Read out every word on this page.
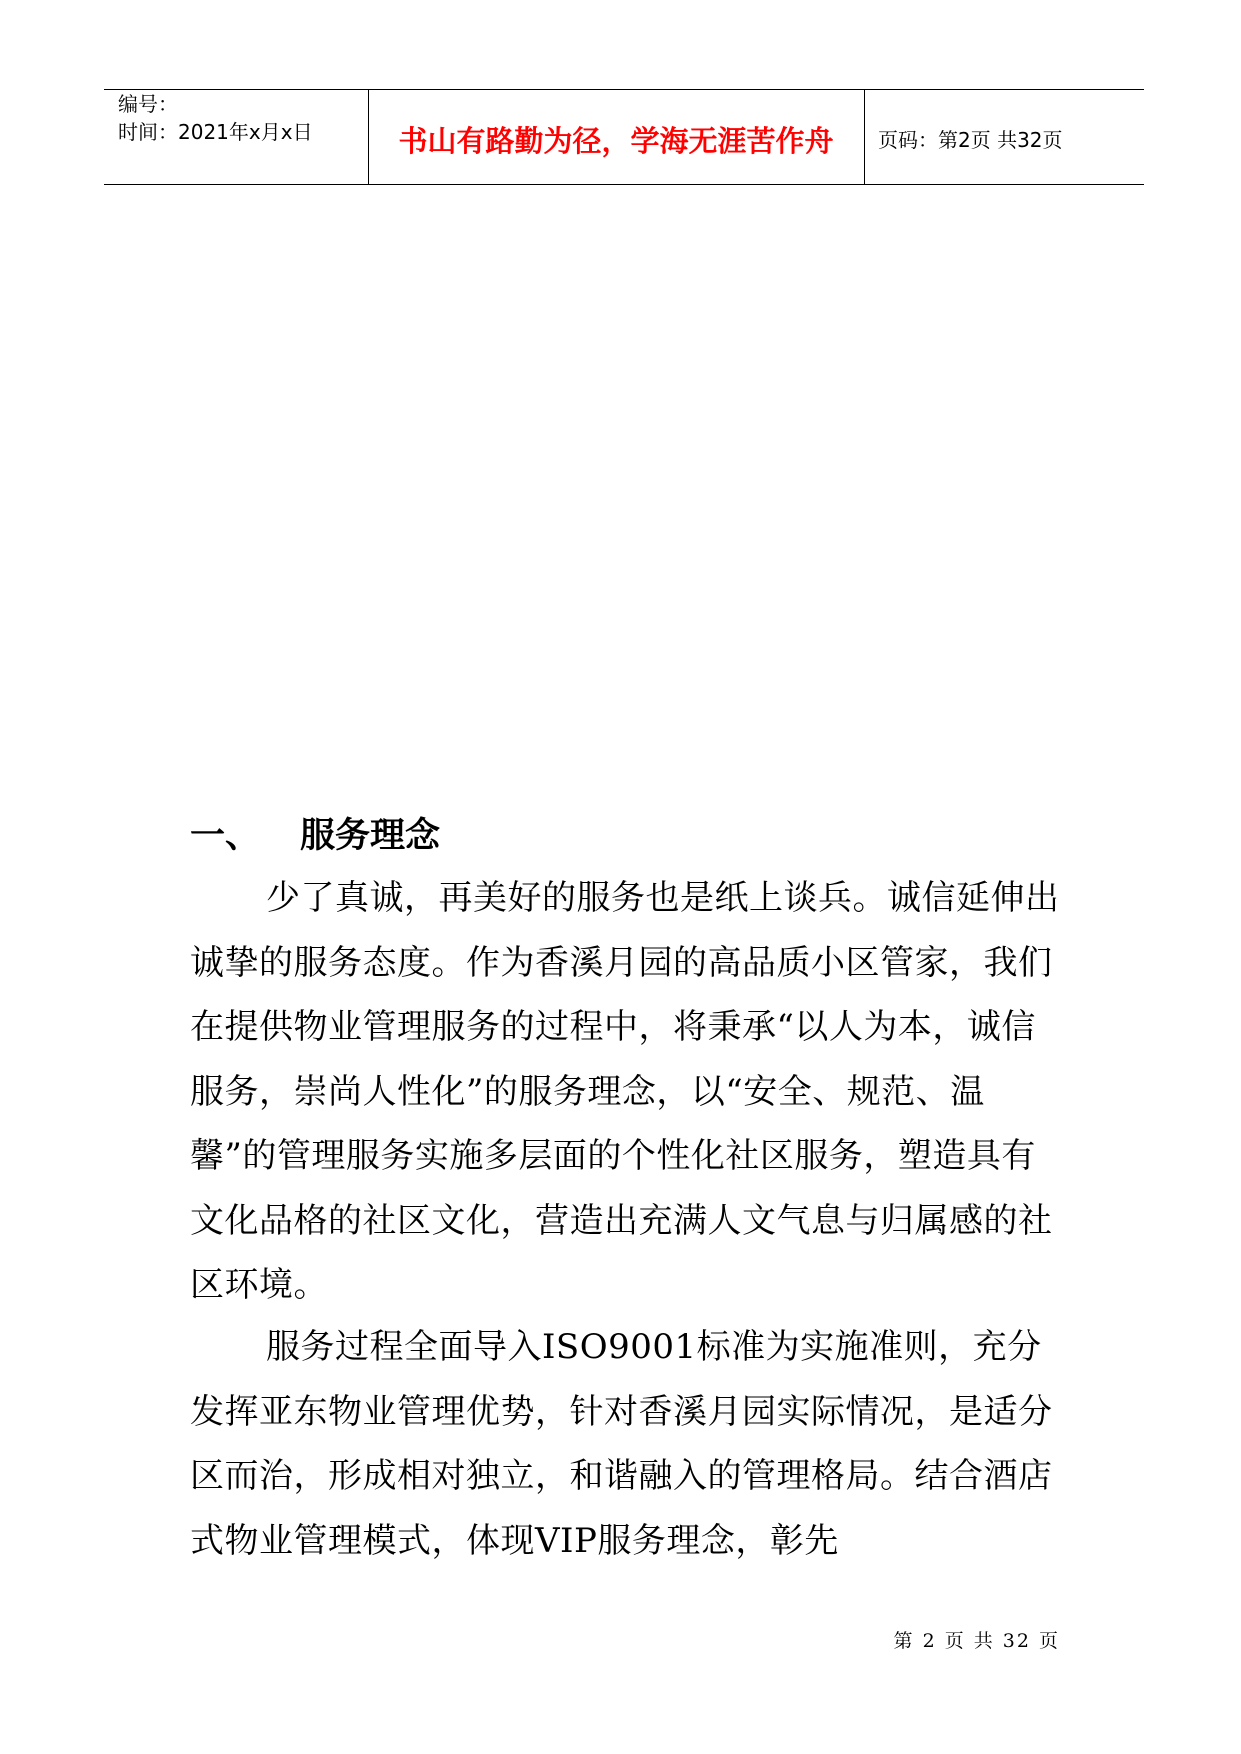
编号：
时间：2021年x月x日	书山有路勤为径，学海无涯苦作舟	页码：第2页 共32页
一、 服务理念
少了真诚，再美好的服务也是纸上谈兵。诚信延伸出诚挚的服务态度。作为香溪月园的高品质小区管家，我们在提供物业管理服务的过程中，将秉承“以人为本，诚信服务，崇尚人性化”的服务理念，以“安全、规范、温馨”的管理服务实施多层面的个性化社区服务，塑造具有文化品格的社区文化，营造出充满人文气息与归属感的社区环境。
服务过程全面导入ISO9001标准为实施准则，充分发挥亚东物业管理优势，针对香溪月园实际情况，是适分区而治，形成相对独立，和谐融入的管理格局。结合酒店式物业管理模式，体现VIP服务理念，彰先
第 2 页 共 32 页
